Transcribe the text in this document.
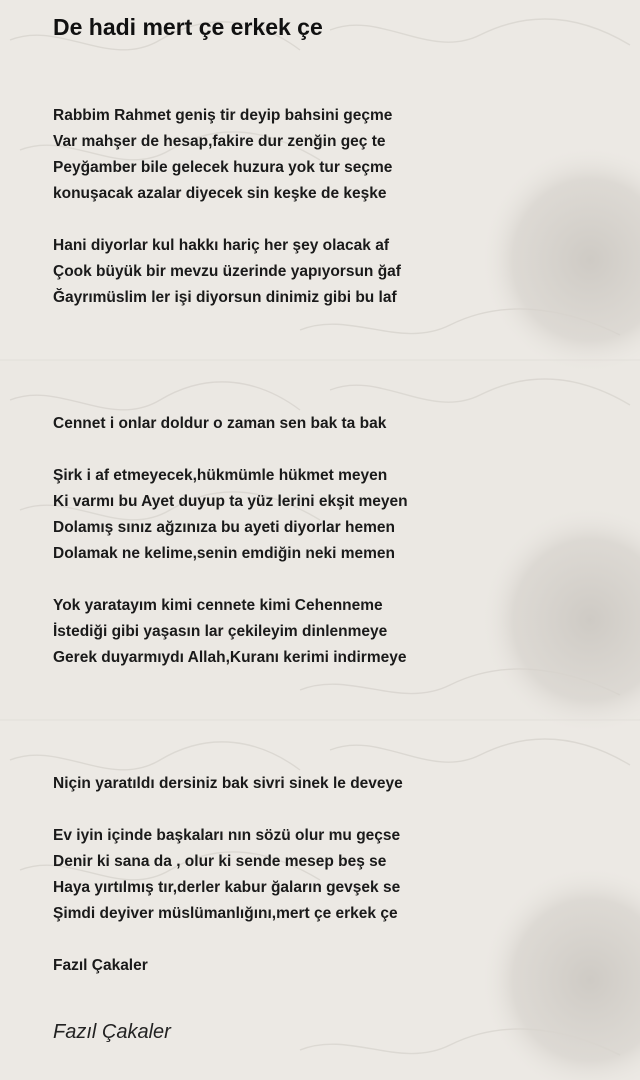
De hadi mert çe erkek çe

Rabbim Rahmet geniş tir deyip bahsini geçme

Var mahşer de hesap,fakire dur zenğin geç te

Peyğamber bile gelecek huzura yok tur seçme

konuşacak azalar diyecek sin keşke de keşke

Hani diyorlar kul hakkı hariç her şey olacak af

Çook büyük bir mevzu üzerinde yapıyorsun ğaf

Ğayrımüslim ler işi diyorsun dinimiz gibi bu laf

Cennet i onlar doldur o zaman sen bak ta bak

Şirk i af etmeyecek,hükmümle hükmet meyen

Ki varmı bu Ayet duyup ta yüz lerini ekşit meyen

Dolamış sınız ağzınıza bu ayeti diyorlar hemen

Dolamak ne kelime,senin emdiğin neki memen

Yok yaratayım kimi cennete kimi Cehenneme

İstediği gibi yaşasın lar çekileyim dinlenmeye

Gerek duyarmıydı Allah,Kuranı kerimi indirmeye

Niçin yaratıldı dersiniz bak sivri sinek le deveye

Ev iyin içinde başkaları nın sözü olur mu geçse

Denir ki sana da , olur ki sende mesep beş se

Haya yırtılmış tır,derler kabur ğaların gevşek se

Şimdi deyiver müslümanlığını,mert çe erkek çe

Fazıl Çakaler

Fazıl Çakaler
